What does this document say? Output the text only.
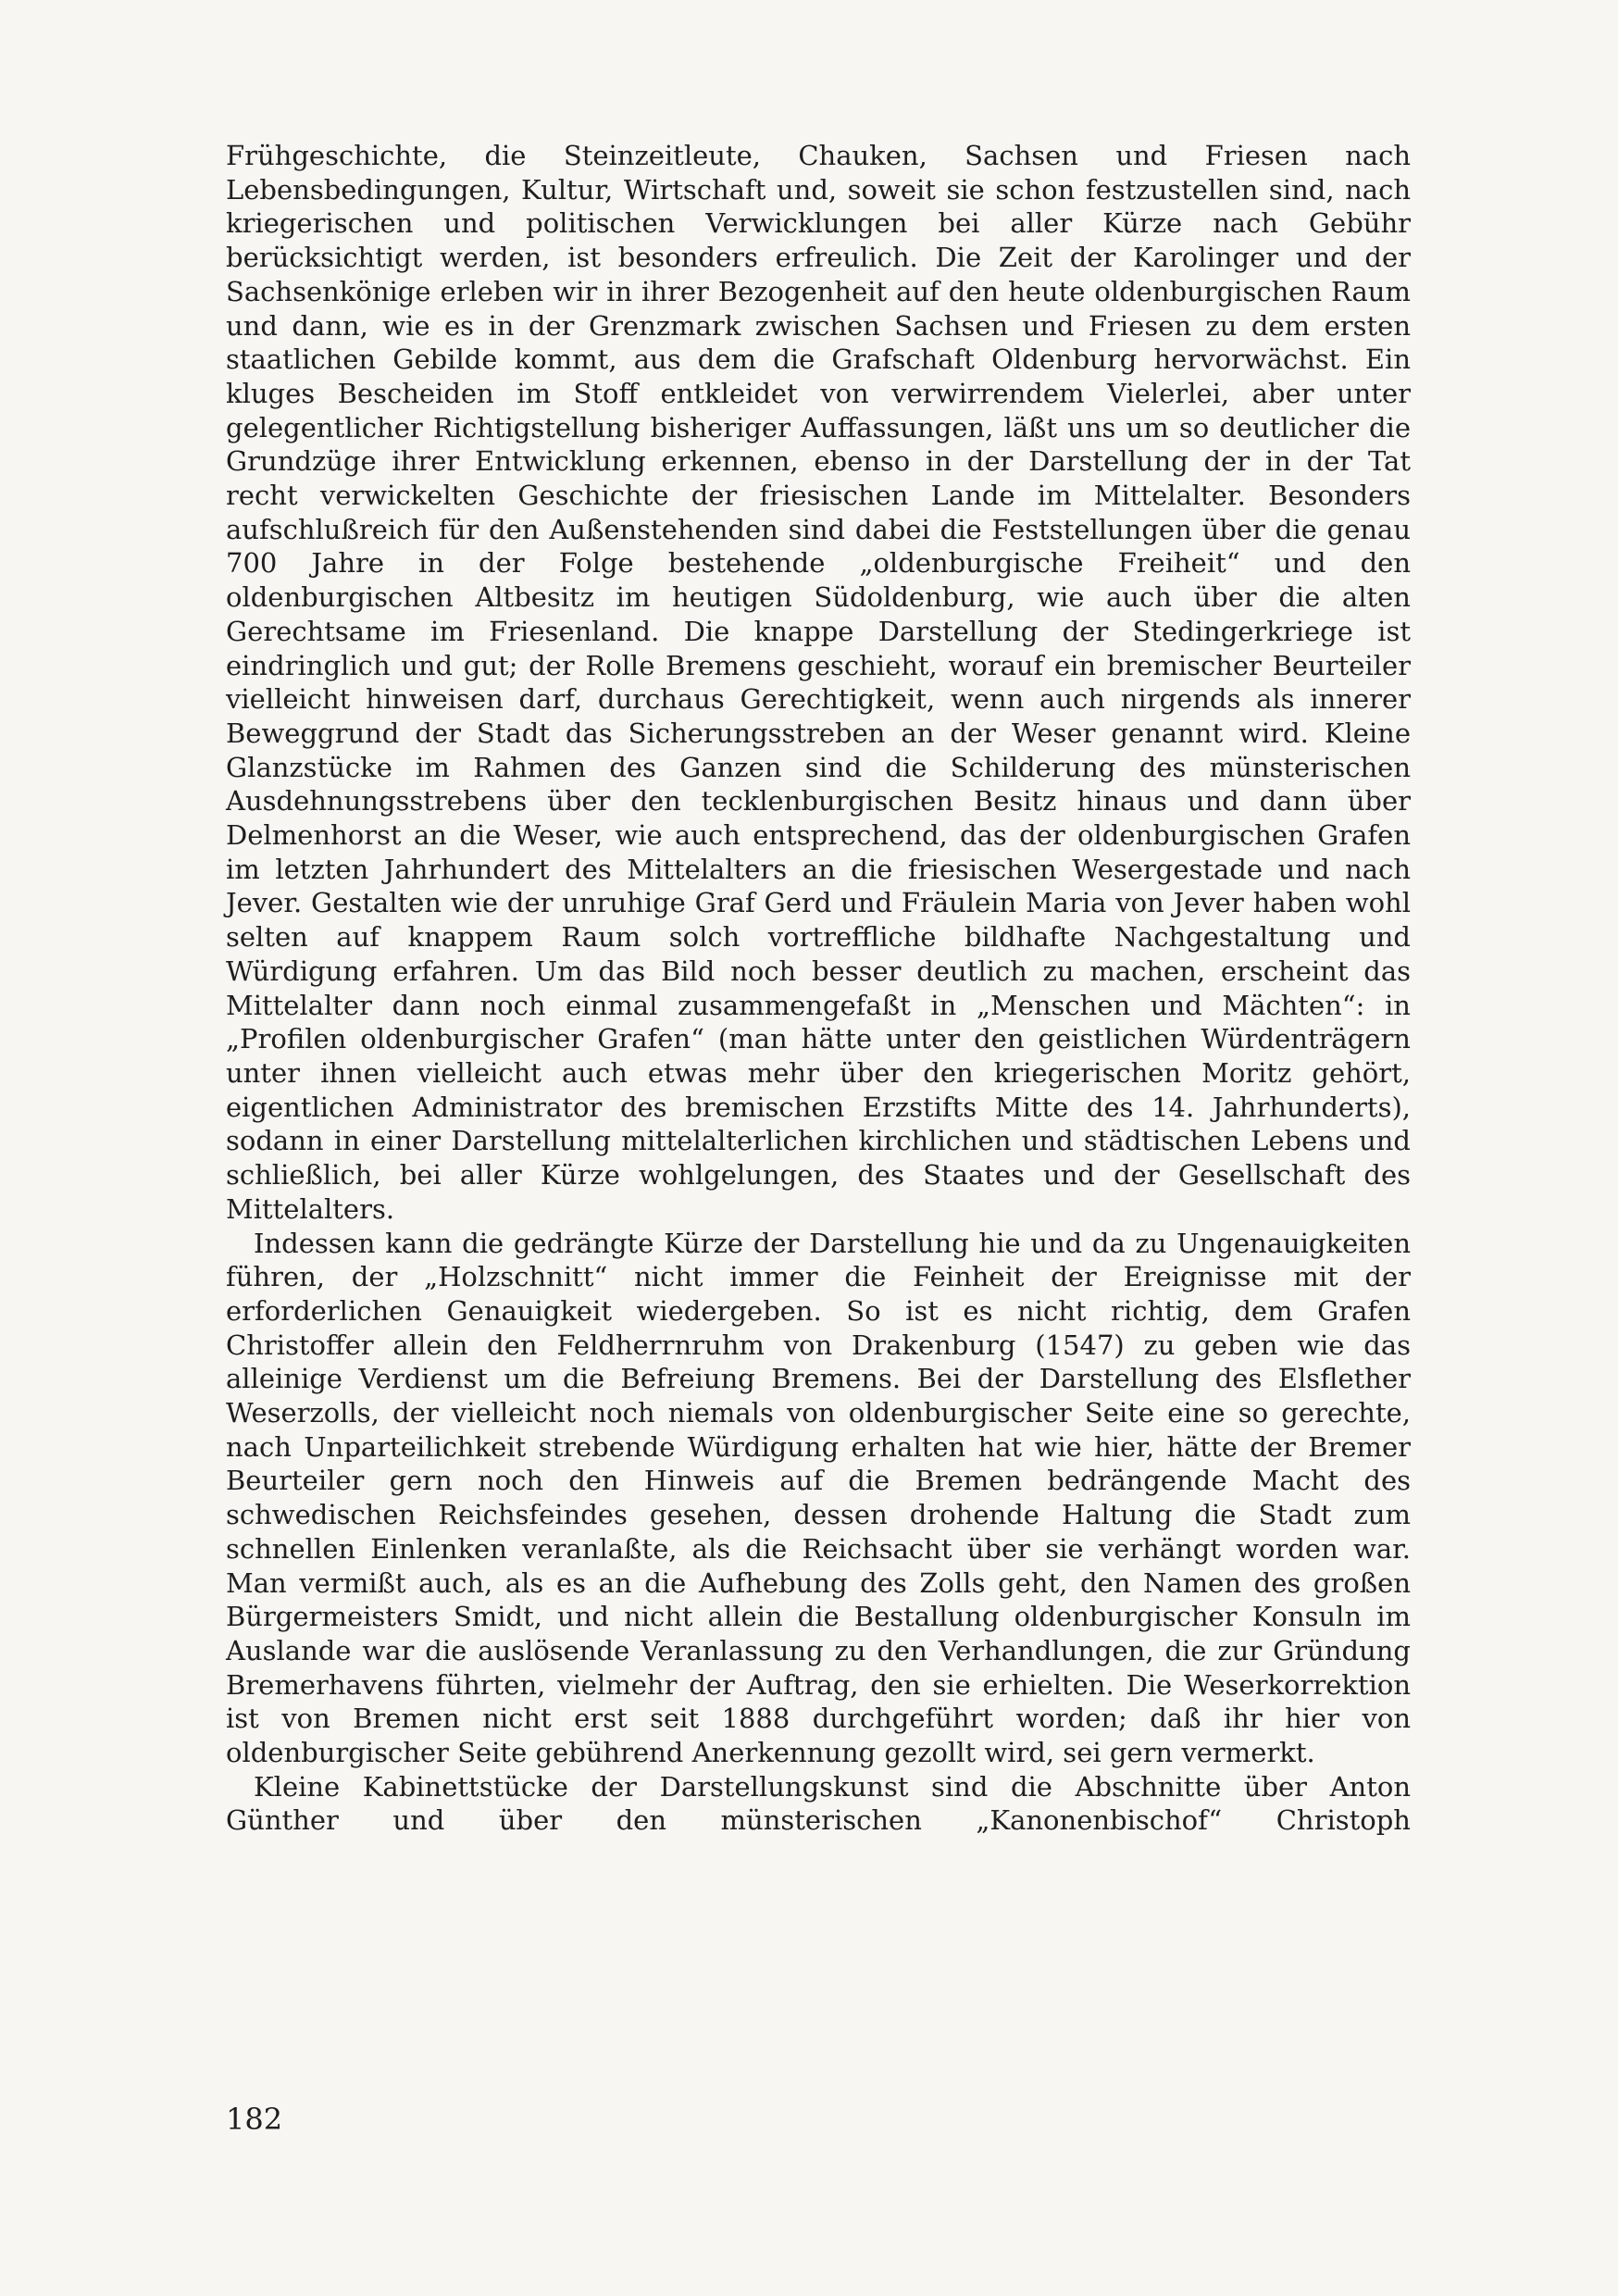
Frühgeschichte, die Steinzeitleute, Chauken, Sachsen und Friesen nach Lebensbedingungen, Kultur, Wirtschaft und, soweit sie schon festzustellen sind, nach kriegerischen und politischen Verwicklungen bei aller Kürze nach Gebühr berücksichtigt werden, ist besonders erfreulich. Die Zeit der Karolinger und der Sachsenkönige erleben wir in ihrer Bezogenheit auf den heute oldenburgischen Raum und dann, wie es in der Grenzmark zwischen Sachsen und Friesen zu dem ersten staatlichen Gebilde kommt, aus dem die Grafschaft Oldenburg hervorwächst. Ein kluges Bescheiden im Stoff entkleidet von verwirrendem Vielerlei, aber unter gelegentlicher Richtigstellung bisheriger Auffassungen, läßt uns um so deutlicher die Grundzüge ihrer Entwicklung erkennen, ebenso in der Darstellung der in der Tat recht verwickelten Geschichte der friesischen Lande im Mittelalter. Besonders aufschlußreich für den Außenstehenden sind dabei die Feststellungen über die genau 700 Jahre in der Folge bestehende „oldenburgische Freiheit“ und den oldenburgischen Altbesitz im heutigen Südoldenburg, wie auch über die alten Gerechtsame im Friesenland. Die knappe Darstellung der Stedingerkriege ist eindringlich und gut; der Rolle Bremens geschieht, worauf ein bremischer Beurteiler vielleicht hinweisen darf, durchaus Gerechtigkeit, wenn auch nirgends als innerer Beweggrund der Stadt das Sicherungsstreben an der Weser genannt wird. Kleine Glanzstücke im Rahmen des Ganzen sind die Schilderung des münsterischen Ausdehnungsstrebens über den tecklenburgischen Besitz hinaus und dann über Delmenhorst an die Weser, wie auch entsprechend, das der oldenburgischen Grafen im letzten Jahrhundert des Mittelalters an die friesischen Wesergestade und nach Jever. Gestalten wie der unruhige Graf Gerd und Fräulein Maria von Jever haben wohl selten auf knappem Raum solch vortreffliche bildhafte Nachgestaltung und Würdigung erfahren. Um das Bild noch besser deutlich zu machen, erscheint das Mittelalter dann noch einmal zusammengefaßt in „Menschen und Mächten“: in „Profilen oldenburgischer Grafen“ (man hätte unter den geistlichen Würdenträgern unter ihnen vielleicht auch etwas mehr über den kriegerischen Moritz gehört, eigentlichen Administrator des bremischen Erzstifts Mitte des 14. Jahrhunderts), sodann in einer Darstellung mittelalterlichen kirchlichen und städtischen Lebens und schließlich, bei aller Kürze wohlgelungen, des Staates und der Gesellschaft des Mittelalters.

Indessen kann die gedrängte Kürze der Darstellung hie und da zu Ungenauigkeiten führen, der „Holzschnitt“ nicht immer die Feinheit der Ereignisse mit der erforderlichen Genauigkeit wiedergeben. So ist es nicht richtig, dem Grafen Christoffer allein den Feldherrnruhm von Drakenburg (1547) zu geben wie das alleinige Verdienst um die Befreiung Bremens. Bei der Darstellung des Elsflether Weserzolls, der vielleicht noch niemals von oldenburgischer Seite eine so gerechte, nach Unparteilichkeit strebende Würdigung erhalten hat wie hier, hätte der Bremer Beurteiler gern noch den Hinweis auf die Bremen bedrängende Macht des schwedischen Reichsfeindes gesehen, dessen drohende Haltung die Stadt zum schnellen Einlenken veranlaßte, als die Reichsacht über sie verhängt worden war. Man vermißt auch, als es an die Aufhebung des Zolls geht, den Namen des großen Bürgermeisters Smidt, und nicht allein die Bestallung oldenburgischer Konsuln im Auslande war die auslösende Veranlassung zu den Verhandlungen, die zur Gründung Bremerhavens führten, vielmehr der Auftrag, den sie erhielten. Die Weserkorrektion ist von Bremen nicht erst seit 1888 durchgeführt worden; daß ihr hier von oldenburgischer Seite gebührend Anerkennung gezollt wird, sei gern vermerkt.

Kleine Kabinettstücke der Darstellungskunst sind die Abschnitte über Anton Günther und über den münsterischen „Kanonenbischof“ Christoph

182
